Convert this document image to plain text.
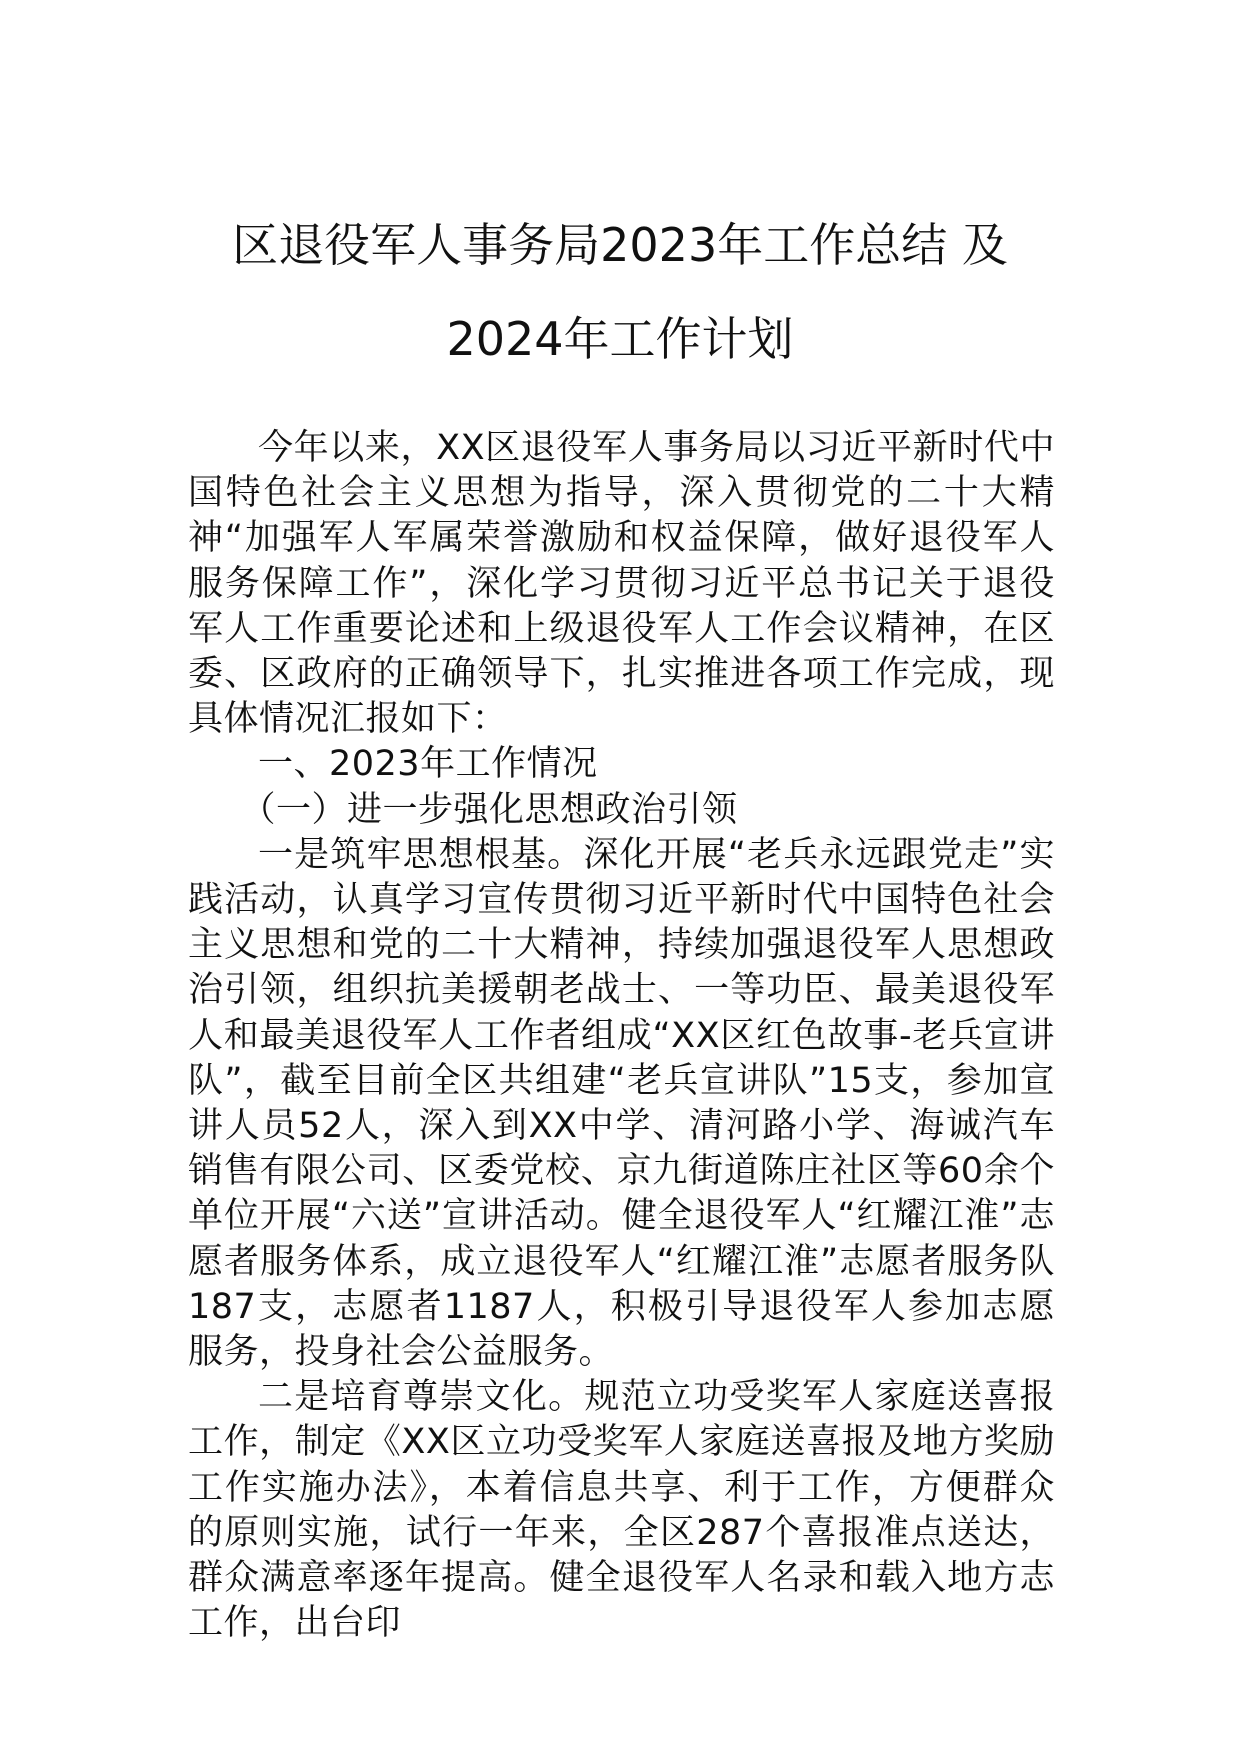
区退役军人事务局2023年工作总结 及
2024年工作计划

今年以来，XX区退役军人事务局以习近平新时代中国特色社会主义思想为指导，深入贯彻党的二十大精神“加强军人军属荣誉激励和权益保障，做好退役军人服务保障工作”，深化学习贯彻习近平总书记关于退役军人工作重要论述和上级退役军人工作会议精神，在区委、区政府的正确领导下，扎实推进各项工作完成，现具体情况汇报如下：

一、2023年工作情况

（一）进一步强化思想政治引领

一是筑牢思想根基。深化开展“老兵永远跟党走”实践活动，认真学习宣传贯彻习近平新时代中国特色社会主义思想和党的二十大精神，持续加强退役军人思想政治引领，组织抗美援朝老战士、一等功臣、最美退役军人和最美退役军人工作者组成“XX区红色故事-老兵宣讲队”，截至目前全区共组建“老兵宣讲队”15支，参加宣讲人员52人，深入到XX中学、清河路小学、海诚汽车销售有限公司、区委党校、京九街道陈庄社区等60余个单位开展“六送”宣讲活动。健全退役军人“红耀江淮”志愿者服务体系，成立退役军人“红耀江淮”志愿者服务队187支，志愿者1187人，积极引导退役军人参加志愿服务，投身社会公益服务。

二是培育尊崇文化。规范立功受奖军人家庭送喜报工作，制定《XX区立功受奖军人家庭送喜报及地方奖励工作实施办法》，本着信息共享、利于工作，方便群众的原则实施，试行一年来，全区287个喜报准点送达，群众满意率逐年提高。健全退役军人名录和载入地方志工作，出台印
